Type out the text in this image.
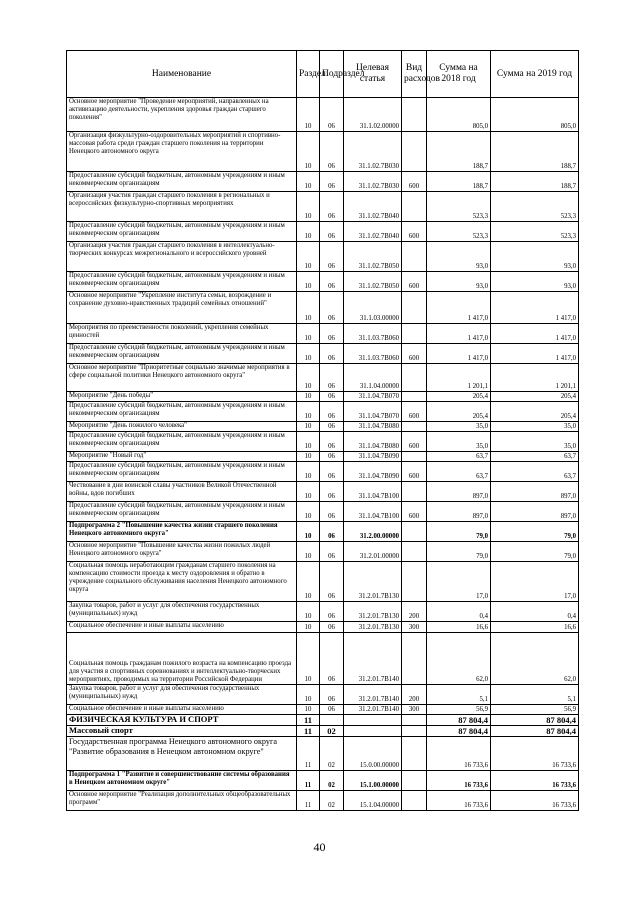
Наименование	Раздел	Подраздел	Целевая статья	Вид расходов	Сумма на 2018 год	Сумма на 2019 год
Основное мероприятие "Проведение мероприятий, направленных на активизацию деятельности, укрепления здоровья граждан старшего поколения"	10	06	31.1.02.00000		805,0	805,0
Организация физкультурно-оздоровительных мероприятий и спортивно-массовая работа среди граждан старшего поколения на территории Ненецкого автономного округа	10	06	31.1.02.7B030		188,7	188,7
Предоставление субсидий бюджетным, автономным учреждениям и иным некоммерческим организациям	10	06	31.1.02.7B030	600	188,7	188,7
Организация участия граждан старшего поколения в региональных и всероссийских физкультурно-спортивных мероприятиях	10	06	31.1.02.7B040		523,3	523,3
Предоставление субсидий бюджетным, автономным учреждениям и иным некоммерческим организациям	10	06	31.1.02.7B040	600	523,3	523,3
Организация участия граждан старшего поколения в интеллектуально-творческих конкурсах межрегионального и всероссийского уровней	10	06	31.1.02.7B050		93,0	93,0
Предоставление субсидий бюджетным, автономным учреждениям и иным некоммерческим организациям	10	06	31.1.02.7B050	600	93,0	93,0
Основное мероприятие "Укрепление института семьи, возрождение и сохранение духовно-нравственных традиций семейных отношений"	10	06	31.1.03.00000		1 417,0	1 417,0
Мероприятия по преемственности поколений, укрепления семейных ценностей	10	06	31.1.03.7B060		1 417,0	1 417,0
Предоставление субсидий бюджетным, автономным учреждениям и иным некоммерческим организациям	10	06	31.1.03.7B060	600	1 417,0	1 417,0
Основное мероприятие "Приоритетные социально значимые мероприятия в сфере социальной политики Ненецкого автономного округа"	10	06	31.1.04.00000		1 201,1	1 201,1
Мероприятие "День победы"	10	06	31.1.04.7B070		205,4	205,4
Предоставление субсидий бюджетным, автономным учреждениям и иным некоммерческим организациям	10	06	31.1.04.7B070	600	205,4	205,4
Мероприятие "День пожилого человека"	10	06	31.1.04.7B080		35,0	35,0
Предоставление субсидий бюджетным, автономным учреждениям и иным некоммерческим организациям	10	06	31.1.04.7B080	600	35,0	35,0
Мероприятие "Новый год"	10	06	31.1.04.7B090		63,7	63,7
Предоставление субсидий бюджетным, автономным учреждениям и иным некоммерческим организациям	10	06	31.1.04.7B090	600	63,7	63,7
Чествование в дни воинской славы участников Великой Отечественной войны, вдов погибших	10	06	31.1.04.7B100		897,0	897,0
Предоставление субсидий бюджетным, автономным учреждениям и иным некоммерческим организациям	10	06	31.1.04.7B100	600	897,0	897,0
Подпрограмма 2 "Повышение качества жизни старшего поколения Ненецкого автономного округа"	10	06	31.2.00.00000		79,0	79,0
Основное мероприятие "Повышение качества жизни пожилых людей Ненецкого автономного округа"	10	06	31.2.01.00000		79,0	79,0
Социальная помощь неработающим гражданам старшего поколения на компенсацию стоимости проезда к месту оздоровления и обратно в учреждение социального обслуживания населения Ненецкого автономного округа	10	06	31.2.01.7B130		17,0	17,0
Закупка товаров, работ и услуг для обеспечения государственных (муниципальных) нужд	10	06	31.2.01.7B130	200	0,4	0,4
Социальное обеспечение и иные выплаты населению	10	06	31.2.01.7B130	300	16,6	16,6
Социальная помощь гражданам пожилого возраста на компенсацию проезда для участия в спортивных соревнованиях и интеллектуально-творческих мероприятиях, проводимых на территории Российской Федерации	10	06	31.2.01.7B140		62,0	62,0
Закупка товаров, работ и услуг для обеспечения государственных (муниципальных) нужд	10	06	31.2.01.7B140	200	5,1	5,1
Социальное обеспечение и иные выплаты населению	10	06	31.2.01.7B140	300	56,9	56,9
ФИЗИЧЕСКАЯ КУЛЬТУРА И СПОРТ	11				87 804,4	87 804,4
Массовый спорт	11	02			87 804,4	87 804,4
Государственная программа Ненецкого автономного округа "Развитие образования в Ненецком автономном округе"	11	02	15.0.00.00000		16 733,6	16 733,6
Подпрограмма 1 "Развитие и совершенствование системы образования в Ненецком автономном округе"	11	02	15.1.00.00000		16 733,6	16 733,6
Основное мероприятие "Реализация дополнительных общеобразовательных программ"	11	02	15.1.04.00000		16 733,6	16 733,6
40
